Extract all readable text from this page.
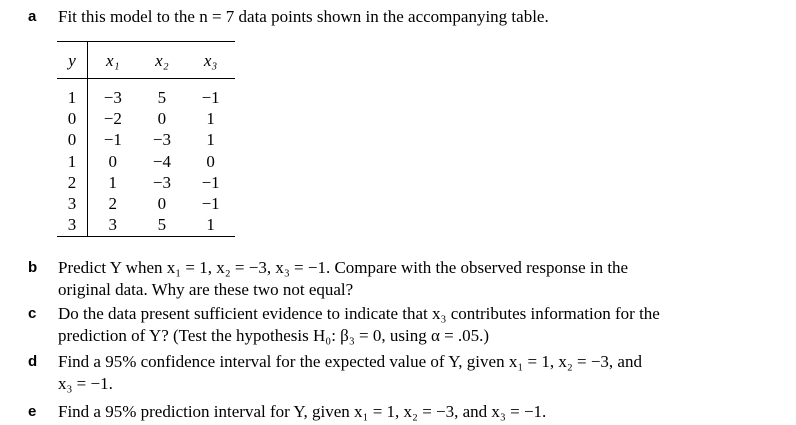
a	Fit this model to the n = 7 data points shown in the accompanying table.
y	x₁	x₂	x₃
1	−3	5	−1
0	−2	0	1
0	−1	−3	1
1	0	−4	0
2	1	−3	−1
3	2	0	−1
3	3	5	1
b	Predict Y when x₁ = 1, x₂ = −3, x₃ = −1. Compare with the observed response in the
original data. Why are these two not equal?
c	Do the data present sufficient evidence to indicate that x₃ contributes information for the
prediction of Y? (Test the hypothesis H₀: β₃ = 0, using α = .05.)
d	Find a 95% confidence interval for the expected value of Y, given x₁ = 1, x₂ = −3, and
x₃ = −1.
e	Find a 95% prediction interval for Y, given x₁ = 1, x₂ = −3, and x₃ = −1.
